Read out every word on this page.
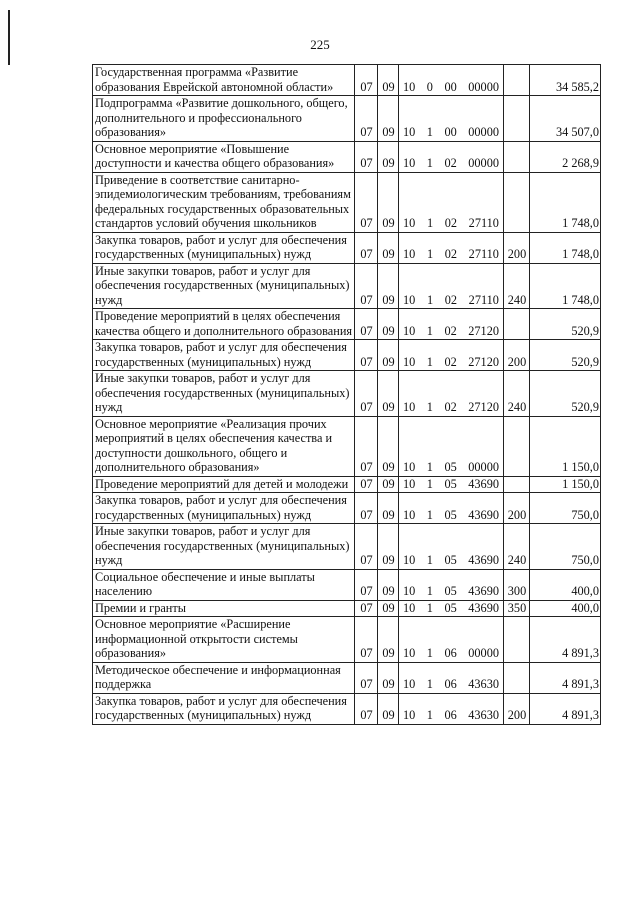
225
Государственная программа «Развитие образования Еврейской автономной области»	07	09	10 0 00 00000		34 585,2
Подпрограмма «Развитие дошкольного, общего, дополнительного и профессионального образования»	07	09	10 1 00 00000		34 507,0
Основное мероприятие «Повышение доступности и качества общего образования»	07	09	10 1 02 00000		2 268,9
Приведение в соответствие санитарно-эпидемиологическим требованиям, требованиям федеральных государственных образовательных стандартов условий обучения школьников	07	09	10 1 02 27110		1 748,0
Закупка товаров, работ и услуг для обеспечения государственных (муниципальных) нужд	07	09	10 1 02 27110	200	1 748,0
Иные закупки товаров, работ и услуг для обеспечения государственных (муниципальных) нужд	07	09	10 1 02 27110	240	1 748,0
Проведение мероприятий в целях обеспечения качества общего и дополнительного образования	07	09	10 1 02 27120		520,9
Закупка товаров, работ и услуг для обеспечения государственных (муниципальных) нужд	07	09	10 1 02 27120	200	520,9
Иные закупки товаров, работ и услуг для обеспечения государственных (муниципальных) нужд	07	09	10 1 02 27120	240	520,9
Основное мероприятие «Реализация прочих мероприятий в целях обеспечения качества и доступности дошкольного, общего и дополнительного образования»	07	09	10 1 05 00000		1 150,0
Проведение мероприятий для детей и молодежи	07	09	10 1 05 43690		1 150,0
Закупка товаров, работ и услуг для обеспечения государственных (муниципальных) нужд	07	09	10 1 05 43690	200	750,0
Иные закупки товаров, работ и услуг для обеспечения государственных (муниципальных) нужд	07	09	10 1 05 43690	240	750,0
Социальное обеспечение и иные выплаты населению	07	09	10 1 05 43690	300	400,0
Премии и гранты	07	09	10 1 05 43690	350	400,0
Основное мероприятие «Расширение информационной открытости системы образования»	07	09	10 1 06 00000		4 891,3
Методическое обеспечение и информационная поддержка	07	09	10 1 06 43630		4 891,3
Закупка товаров, работ и услуг для обеспечения государственных (муниципальных) нужд	07	09	10 1 06 43630	200	4 891,3
